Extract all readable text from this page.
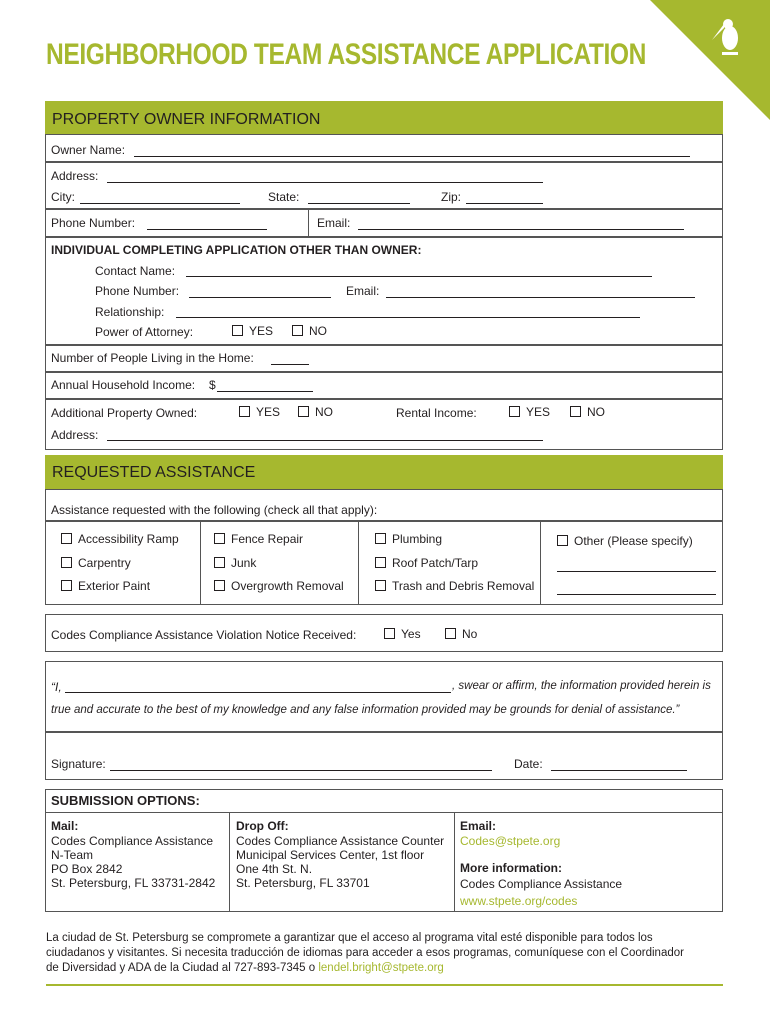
NEIGHBORHOOD TEAM ASSISTANCE APPLICATION
PROPERTY OWNER INFORMATION
Owner Name:
Address:
City:	State:	Zip:
Phone Number:	Email:
INDIVIDUAL COMPLETING APPLICATION OTHER THAN OWNER:
Contact Name:
Phone Number:	Email:
Relationship:
Power of Attorney:	YES	NO
Number of People Living in the Home:
Annual Household Income: $
Additional Property Owned:	YES	NO	Rental Income:	YES	NO
Address:
REQUESTED ASSISTANCE
Assistance requested with the following (check all that apply):
Accessibility Ramp
Carpentry
Exterior Paint
Fence Repair
Junk
Overgrowth Removal
Plumbing
Roof Patch/Tarp
Trash and Debris Removal
Other (Please specify)
Codes Compliance Assistance Violation Notice Received:	Yes	No
“I,	, swear or affirm, the information provided herein is
true and accurate to the best of my knowledge and any false information provided may be grounds for denial of assistance.”
Signature:	Date:
SUBMISSION OPTIONS:
Mail:
Codes Compliance Assistance
N-Team
PO Box 2842
St. Petersburg, FL 33731-2842
Drop Off:
Codes Compliance Assistance Counter
Municipal Services Center, 1st floor
One 4th St. N.
St. Petersburg, FL 33701
Email:
Codes@stpete.org
More information:
Codes Compliance Assistance
www.stpete.org/codes
La ciudad de St. Petersburg se compromete a garantizar que el acceso al programa vital esté disponible para todos los
ciudadanos y visitantes. Si necesita traducción de idiomas para acceder a esos programas, comuníquese con el Coordinador
de Diversidad y ADA de la Ciudad al 727-893-7345 o lendel.bright@stpete.org
